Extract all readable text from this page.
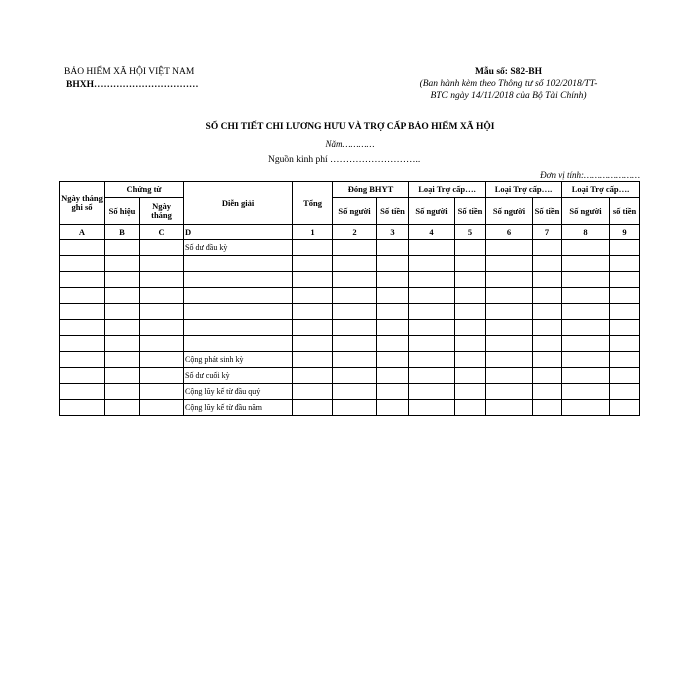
BẢO HIỂM XÃ HỘI VIỆT NAM
BHXH……………………………
Mẫu số: S82-BH
(Ban hành kèm theo Thông tư số 102/2018/TT-
BTC ngày 14/11/2018 của Bộ Tài Chính)
SỔ CHI TIẾT CHI LƯƠNG HƯU VÀ TRỢ CẤP BẢO HIỂM XÃ HỘI
Năm…………
Nguồn kinh phí ………………………..
Đơn vị tính:…………………
Ngày tháng ghi sổ	Chứng từ		Diễn giải	Tổng	Đóng BHYT		Loại Trợ cấp….		Loại Trợ cấp….		Loại Trợ cấp….	
	Số hiệu	Ngày tháng			Số người	Số tiền	Số người	Số tiền	Số người	Số tiền	Số người	số tiền
A	B	C	D	1	2	3	4	5	6	7	8	9
			Số dư đầu kỳ									

			Cộng phát sinh kỳ									
			Số dư cuối kỳ									
			Cộng lũy kế từ đầu quý									
			Cộng lũy kế từ đầu năm									
